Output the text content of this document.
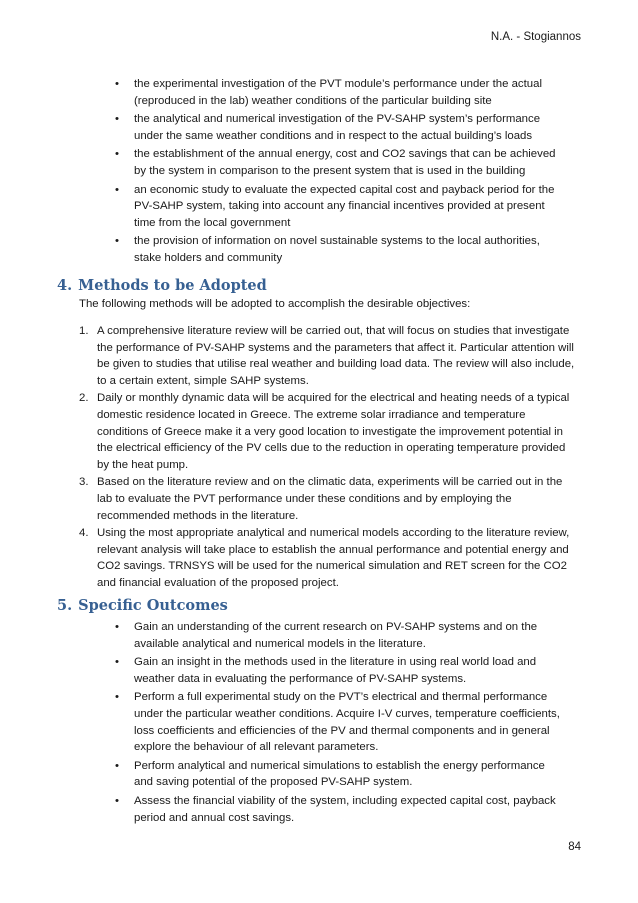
N.A. - Stogiannos
• the experimental investigation of the PVT module’s performance under the actual (reproduced in the lab) weather conditions of the particular building site
• the analytical and numerical investigation of the PV-SAHP system’s performance under the same weather conditions and in respect to the actual building’s loads
• the establishment of the annual energy, cost and CO2 savings that can be achieved by the system in comparison to the present system that is used in the building
• an economic study to evaluate the expected capital cost and payback period for the PV-SAHP system, taking into account any financial incentives provided at present time from the local government
• the provision of information on novel sustainable systems to the local authorities, stake holders and community
4. Methods to be Adopted
The following methods will be adopted to accomplish the desirable objectives:
1. A comprehensive literature review will be carried out, that will focus on studies that investigate the performance of PV-SAHP systems and the parameters that affect it. Particular attention will be given to studies that utilise real weather and building load data. The review will also include, to a certain extent, simple SAHP systems.
2. Daily or monthly dynamic data will be acquired for the electrical and heating needs of a typical domestic residence located in Greece. The extreme solar irradiance and temperature conditions of Greece make it a very good location to investigate the improvement potential in the electrical efficiency of the PV cells due to the reduction in operating temperature provided by the heat pump.
3. Based on the literature review and on the climatic data, experiments will be carried out in the lab to evaluate the PVT performance under these conditions and by employing the recommended methods in the literature.
4. Using the most appropriate analytical and numerical models according to the literature review, relevant analysis will take place to establish the annual performance and potential energy and CO2 savings. TRNSYS will be used for the numerical simulation and RET screen for the CO2 and financial evaluation of the proposed project.
5. Specific Outcomes
• Gain an understanding of the current research on PV-SAHP systems and on the available analytical and numerical models in the literature.
• Gain an insight in the methods used in the literature in using real world load and weather data in evaluating the performance of PV-SAHP systems.
• Perform a full experimental study on the PVT’s electrical and thermal performance under the particular weather conditions. Acquire I-V curves, temperature coefficients, loss coefficients and efficiencies of the PV and thermal components and in general explore the behaviour of all relevant parameters.
• Perform analytical and numerical simulations to establish the energy performance and saving potential of the proposed PV-SAHP system.
• Assess the financial viability of the system, including expected capital cost, payback period and annual cost savings.
84
